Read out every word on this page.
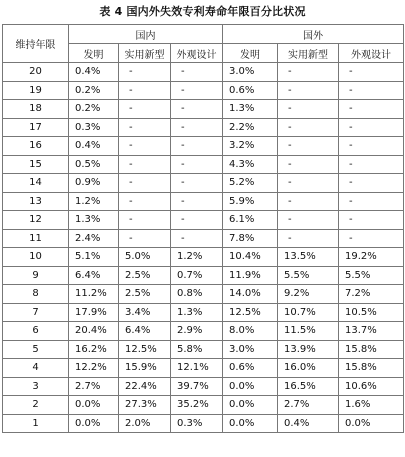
表 4 国内外失效专利寿命年限百分比状况
维持年限	国内			国外		
	发明	实用新型	外观设计	发明	实用新型	外观设计
20	0.4%	-	-	3.0%	-	-
19	0.2%	-	-	0.6%	-	-
18	0.2%	-	-	1.3%	-	-
17	0.3%	-	-	2.2%	-	-
16	0.4%	-	-	3.2%	-	-
15	0.5%	-	-	4.3%	-	-
14	0.9%	-	-	5.2%	-	-
13	1.2%	-	-	5.9%	-	-
12	1.3%	-	-	6.1%	-	-
11	2.4%	-	-	7.8%	-	-
10	5.1%	5.0%	1.2%	10.4%	13.5%	19.2%
9	6.4%	2.5%	0.7%	11.9%	5.5%	5.5%
8	11.2%	2.5%	0.8%	14.0%	9.2%	7.2%
7	17.9%	3.4%	1.3%	12.5%	10.7%	10.5%
6	20.4%	6.4%	2.9%	8.0%	11.5%	13.7%
5	16.2%	12.5%	5.8%	3.0%	13.9%	15.8%
4	12.2%	15.9%	12.1%	0.6%	16.0%	15.8%
3	2.7%	22.4%	39.7%	0.0%	16.5%	10.6%
2	0.0%	27.3%	35.2%	0.0%	2.7%	1.6%
1	0.0%	2.0%	0.3%	0.0%	0.4%	0.0%
